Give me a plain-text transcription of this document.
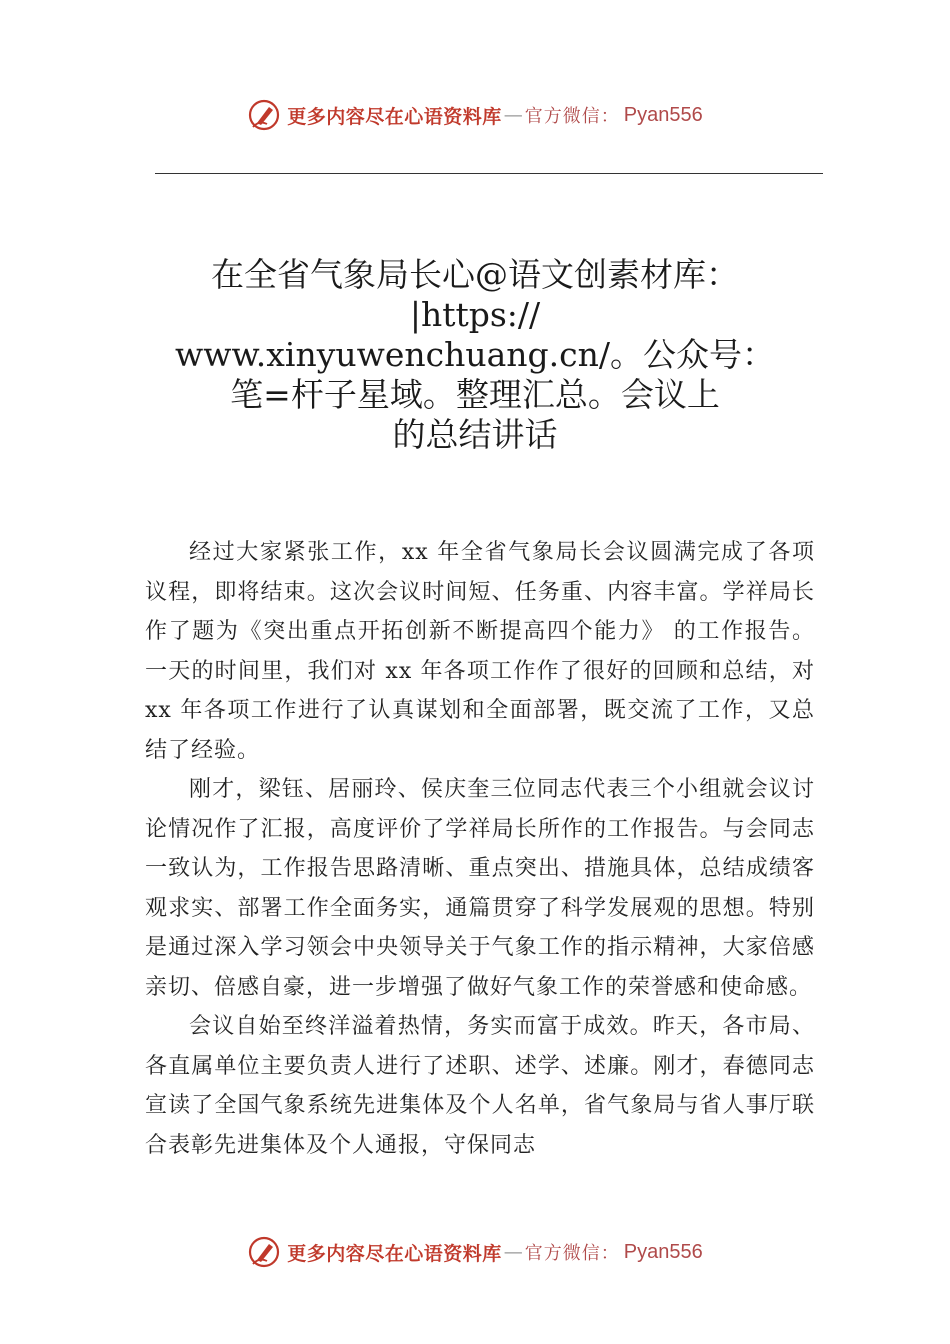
更多内容尽在心语资料库 — 官方微信： Pyan556
在全省气象局长心@语文创素材库：
|https://
www.xinyuwenchuang.cn/。公众号：
笔=杆子星域。整理汇总。会议上
的总结讲话

经过大家紧张工作，xx 年全省气象局长会议圆满完成了各项议程，即将结束。这次会议时间短、任务重、内容丰富。学祥局长作了题为《突出重点开拓创新不断提高四个能力》 的工作报告。一天的时间里，我们对 xx 年各项工作作了很好的回顾和总结，对 xx 年各项工作进行了认真谋划和全面部署，既交流了工作，又总结了经验。

刚才，梁钰、居丽玲、侯庆奎三位同志代表三个小组就会议讨论情况作了汇报，高度评价了学祥局长所作的工作报告。与会同志一致认为，工作报告思路清晰、重点突出、措施具体，总结成绩客观求实、部署工作全面务实，通篇贯穿了科学发展观的思想。特别是通过深入学习领会中央领导关于气象工作的指示精神，大家倍感亲切、倍感自豪，进一步增强了做好气象工作的荣誉感和使命感。

会议自始至终洋溢着热情，务实而富于成效。昨天，各市局、各直属单位主要负责人进行了述职、述学、述廉。刚才，春德同志宣读了全国气象系统先进集体及个人名单，省气象局与省人事厅联合表彰先进集体及个人通报，守保同志

更多内容尽在心语资料库 — 官方微信： Pyan556
